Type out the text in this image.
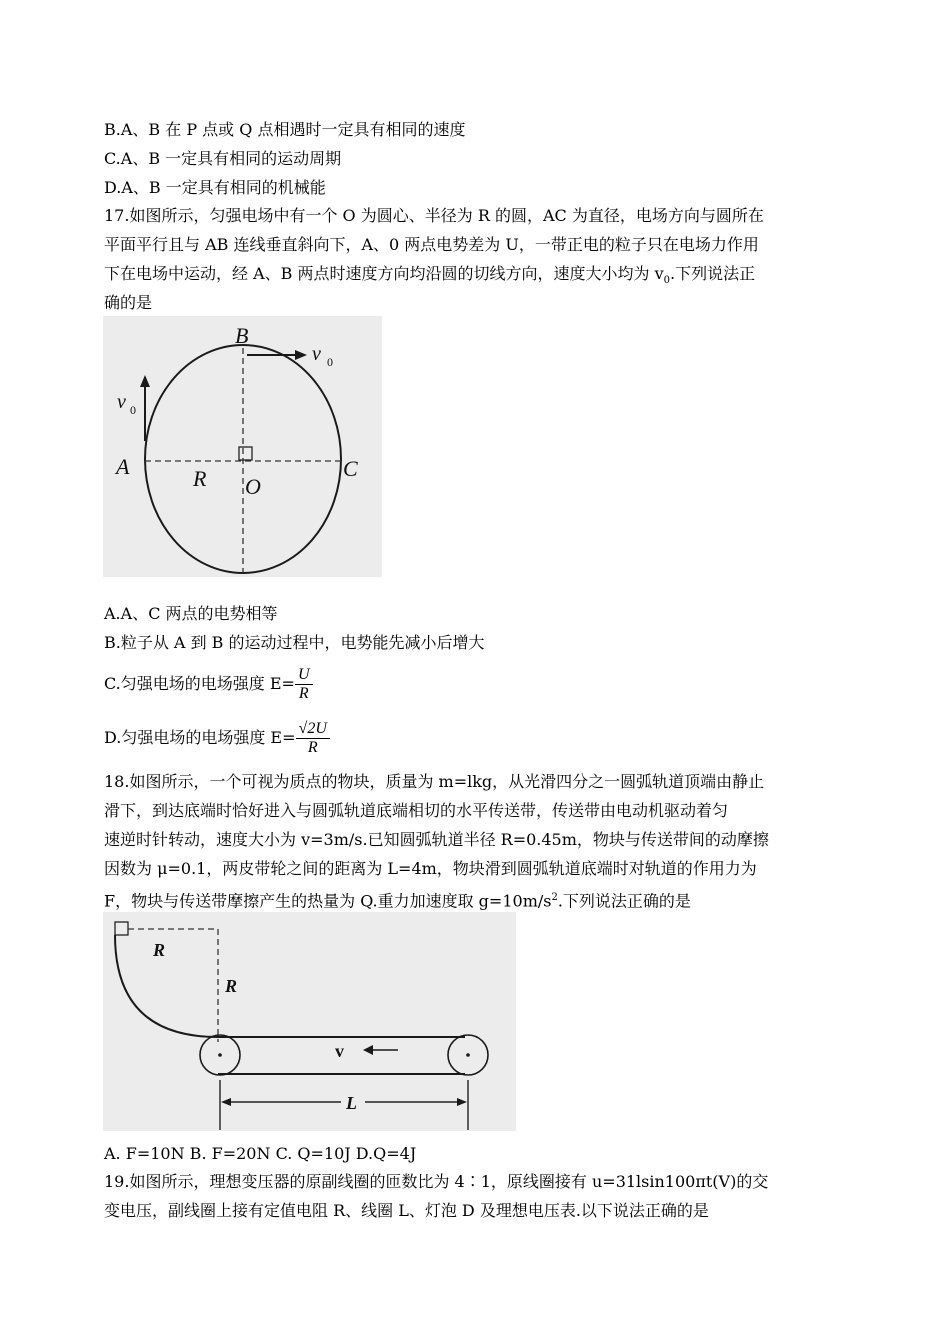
B.A、B 在 P 点或 Q 点相遇时一定具有相同的速度
C.A、B 一定具有相同的运动周期
D.A、B 一定具有相同的机械能
17.如图所示，匀强电场中有一个 O 为圆心、半径为 R 的圆，AC 为直径，电场方向与圆所在
平面平行且与 AB 连线垂直斜向下，A、0 两点电势差为 U，一带正电的粒子只在电场力作用
下在电场中运动，经 A、B 两点时速度方向均沿圆的切线方向，速度大小均为 $v_0$.下列说法正
确的是
B
A	C
O
R
v 0
v 0
A.A、C 两点的电势相等
B.粒子从 A 到 B 的运动过程中，电势能先减小后增大
C.匀强电场的电场强度 $E= \frac{U}{R}$
D.匀强电场的电场强度 $E= \frac{√2U}{R}$
18.如图所示，一个可视为质点的物块，质量为 m=lkg，从光滑四分之一圆弧轨道顶端由静止
滑下，到达底端时恰好进入与圆弧轨道底端相切的水平传送带，传送带由电动机驱动着匀
速逆时针转动，速度大小为 v=3m/s.已知圆弧轨道半径 R=0.45m，物块与传送带间的动摩擦
因数为 μ=0.1，两皮带轮之间的距离为 L=4m，物块滑到圆弧轨道底端时对轨道的作用力为
F，物块与传送带摩擦产生的热量为 Q.重力加速度取 $g=10m/s^2$.下列说法正确的是
R
R
v
L
A. F=10N B. F=20N C. Q=10J D.Q=4J
19.如图所示，理想变压器的原副线圈的匝数比为 4∶1，原线圈接有 u=31lsin100πt(V)的交
变电压，副线圈上接有定值电阻 R、线圈 L、灯泡 D 及理想电压表.以下说法正确的是
